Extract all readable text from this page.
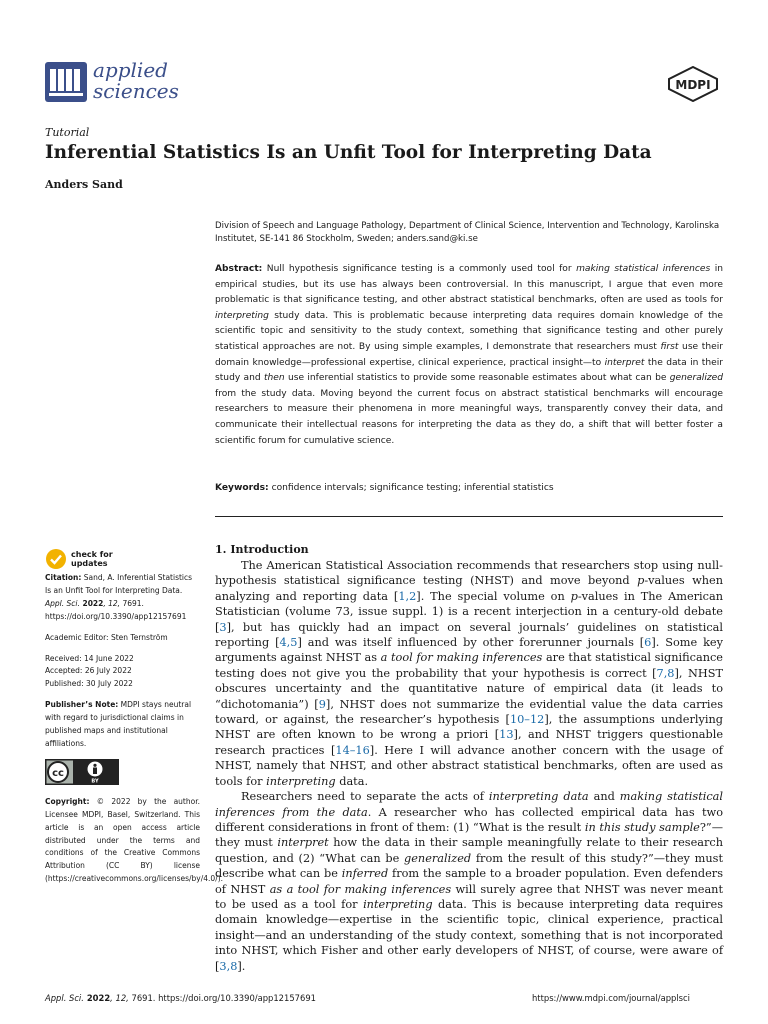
applied
sciences	MDPI
Tutorial
Inferential Statistics Is an Unfit Tool for Interpreting Data
Anders Sand
Division of Speech and Language Pathology, Department of Clinical Science, Intervention and Technology, Karolinska Institutet, SE-141 86 Stockholm, Sweden; anders.sand@ki.se
Abstract: Null hypothesis significance testing is a commonly used tool for making statistical inferences in empirical studies, but its use has always been controversial. In this manuscript, I argue that even more problematic is that significance testing, and other abstract statistical benchmarks, often are used as tools for interpreting study data. This is problematic because interpreting data requires domain knowledge of the scientific topic and sensitivity to the study context, something that significance testing and other purely statistical approaches are not. By using simple examples, I demonstrate that researchers must first use their domain knowledge—professional expertise, clinical experience, practical insight—to interpret the data in their study and then use inferential statistics to provide some reasonable estimates about what can be generalized from the study data. Moving beyond the current focus on abstract statistical benchmarks will encourage researchers to measure their phenomena in more meaningful ways, transparently convey their data, and communicate their intellectual reasons for interpreting the data as they do, a shift that will better foster a scientific forum for cumulative science.
Keywords: confidence intervals; significance testing; inferential statistics
check for
updates
Citation: Sand, A. Inferential Statistics Is an Unfit Tool for Interpreting Data. Appl. Sci. 2022, 12, 7691. https://doi.org/10.3390/app12157691
Academic Editor: Sten Ternström
Received: 14 June 2022
Accepted: 26 July 2022
Published: 30 July 2022
Publisher’s Note: MDPI stays neutral with regard to jurisdictional claims in published maps and institutional affiliations.
cc
BY
Copyright: © 2022 by the author. Licensee MDPI, Basel, Switzerland. This article is an open access article distributed under the terms and conditions of the Creative Commons Attribution (CC BY) license (https://creativecommons.org/licenses/by/4.0/).
1. Introduction

The American Statistical Association recommends that researchers stop using null-hypothesis statistical significance testing (NHST) and move beyond p-values when analyzing and reporting data [1,2]. The special volume on p-values in The American Statistician (volume 73, issue suppl. 1) is a recent interjection in a century-old debate [3], but has quickly had an impact on several journals’ guidelines on statistical reporting [4,5] and was itself influenced by other forerunner journals [6]. Some key arguments against NHST as a tool for making inferences are that statistical significance testing does not give you the probability that your hypothesis is correct [7,8], NHST obscures uncertainty and the quantitative nature of empirical data (it leads to “dichotomania”) [9], NHST does not summarize the evidential value the data carries toward, or against, the researcher’s hypothesis [10–12], the assumptions underlying NHST are often known to be wrong a priori [13], and NHST triggers questionable research practices [14–16]. Here I will advance another concern with the usage of NHST, namely that NHST, and other abstract statistical benchmarks, often are used as tools for interpreting data.

Researchers need to separate the acts of interpreting data and making statistical inferences from the data. A researcher who has collected empirical data has two different considerations in front of them: (1) “What is the result in this study sample?”—they must interpret how the data in their sample meaningfully relate to their research question, and (2) “What can be generalized from the result of this study?”—they must describe what can be inferred from the sample to a broader population. Even defenders of NHST as a tool for making inferences will surely agree that NHST was never meant to be used as a tool for interpreting data. This is because interpreting data requires domain knowledge—expertise in the scientific topic, clinical experience, practical insight—and an understanding of the study context, something that is not incorporated into NHST, which Fisher and other early developers of NHST, of course, were aware of [3,8].

Appl. Sci. 2022, 12, 7691. https://doi.org/10.3390/app12157691	https://www.mdpi.com/journal/applsci
